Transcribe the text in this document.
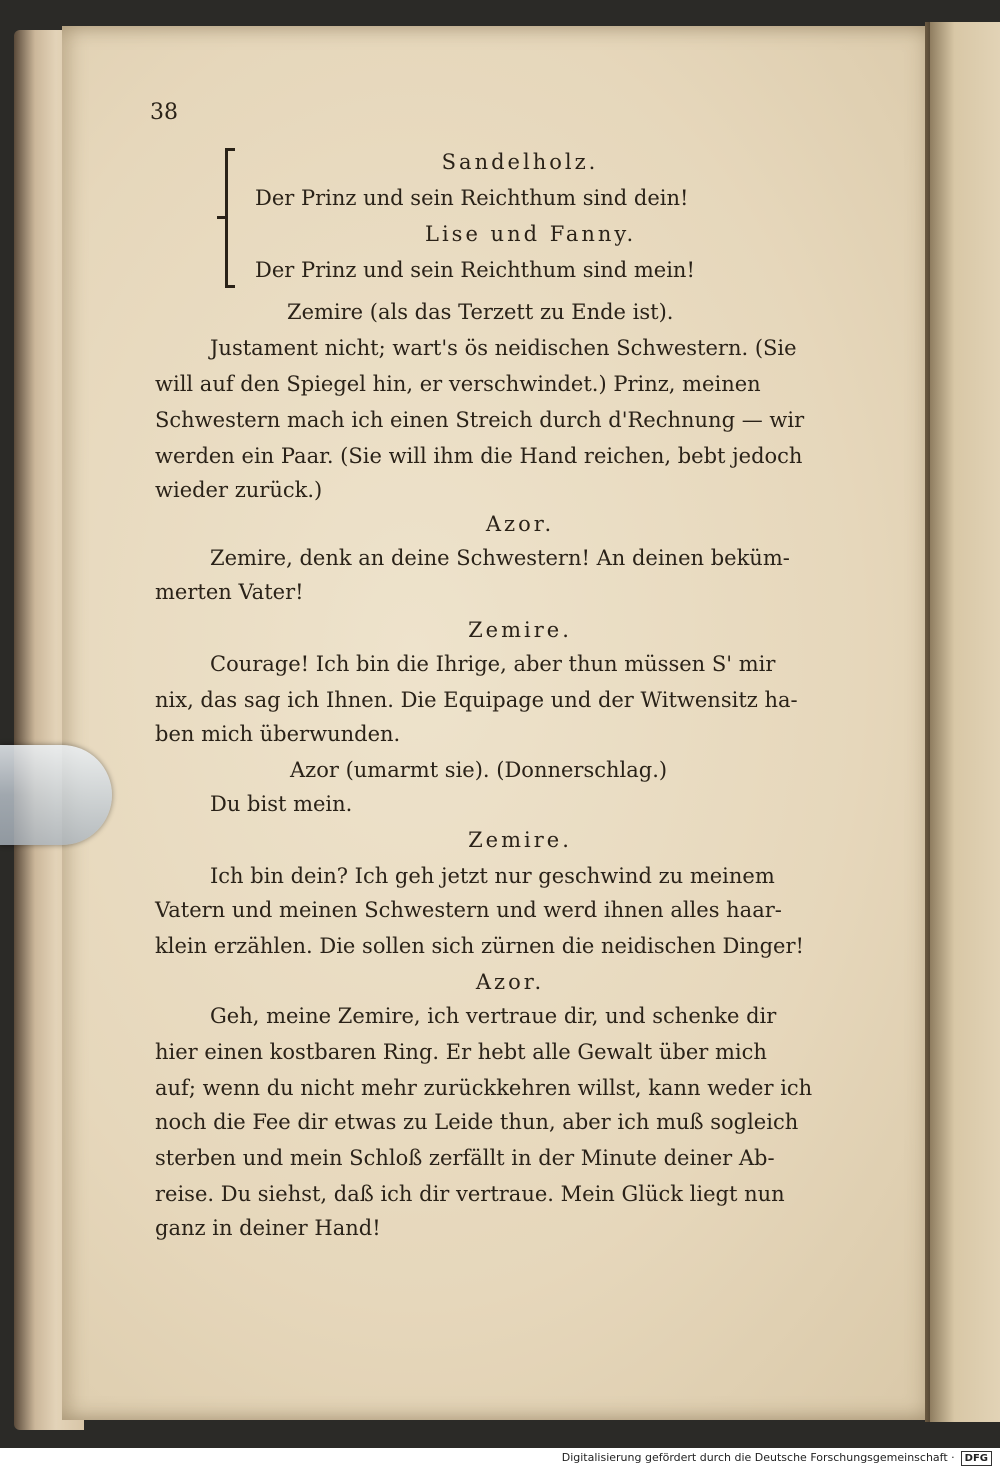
38
Sandelholz.
Der Prinz und sein Reichthum sind dein!
Lise und Fanny.
Der Prinz und sein Reichthum sind mein!
Zemire (als das Terzett zu Ende ist).
Justament nicht; wart's ös neidischen Schwestern. (Sie
will auf den Spiegel hin, er verschwindet.) Prinz, meinen
Schwestern mach ich einen Streich durch d'Rechnung — wir
werden ein Paar. (Sie will ihm die Hand reichen, bebt jedoch
wieder zurück.)
Azor.
Zemire, denk an deine Schwestern! An deinen beküm-
merten Vater!
Zemire.
Courage! Ich bin die Ihrige, aber thun müssen S' mir
nix, das sag ich Ihnen. Die Equipage und der Witwensitz ha-
ben mich überwunden.
Azor (umarmt sie). (Donnerschlag.)
Du bist mein.
Zemire.
Ich bin dein? Ich geh jetzt nur geschwind zu meinem
Vatern und meinen Schwestern und werd ihnen alles haar-
klein erzählen. Die sollen sich zürnen die neidischen Dinger!
Azor.
Geh, meine Zemire, ich vertraue dir, und schenke dir
hier einen kostbaren Ring. Er hebt alle Gewalt über mich
auf; wenn du nicht mehr zurückkehren willst, kann weder ich
noch die Fee dir etwas zu Leide thun, aber ich muß sogleich
sterben und mein Schloß zerfällt in der Minute deiner Ab-
reise. Du siehst, daß ich dir vertraue. Mein Glück liegt nun
ganz in deiner Hand!
Digitalisierung gefördert durch die Deutsche Forschungsgemeinschaft · DFG
